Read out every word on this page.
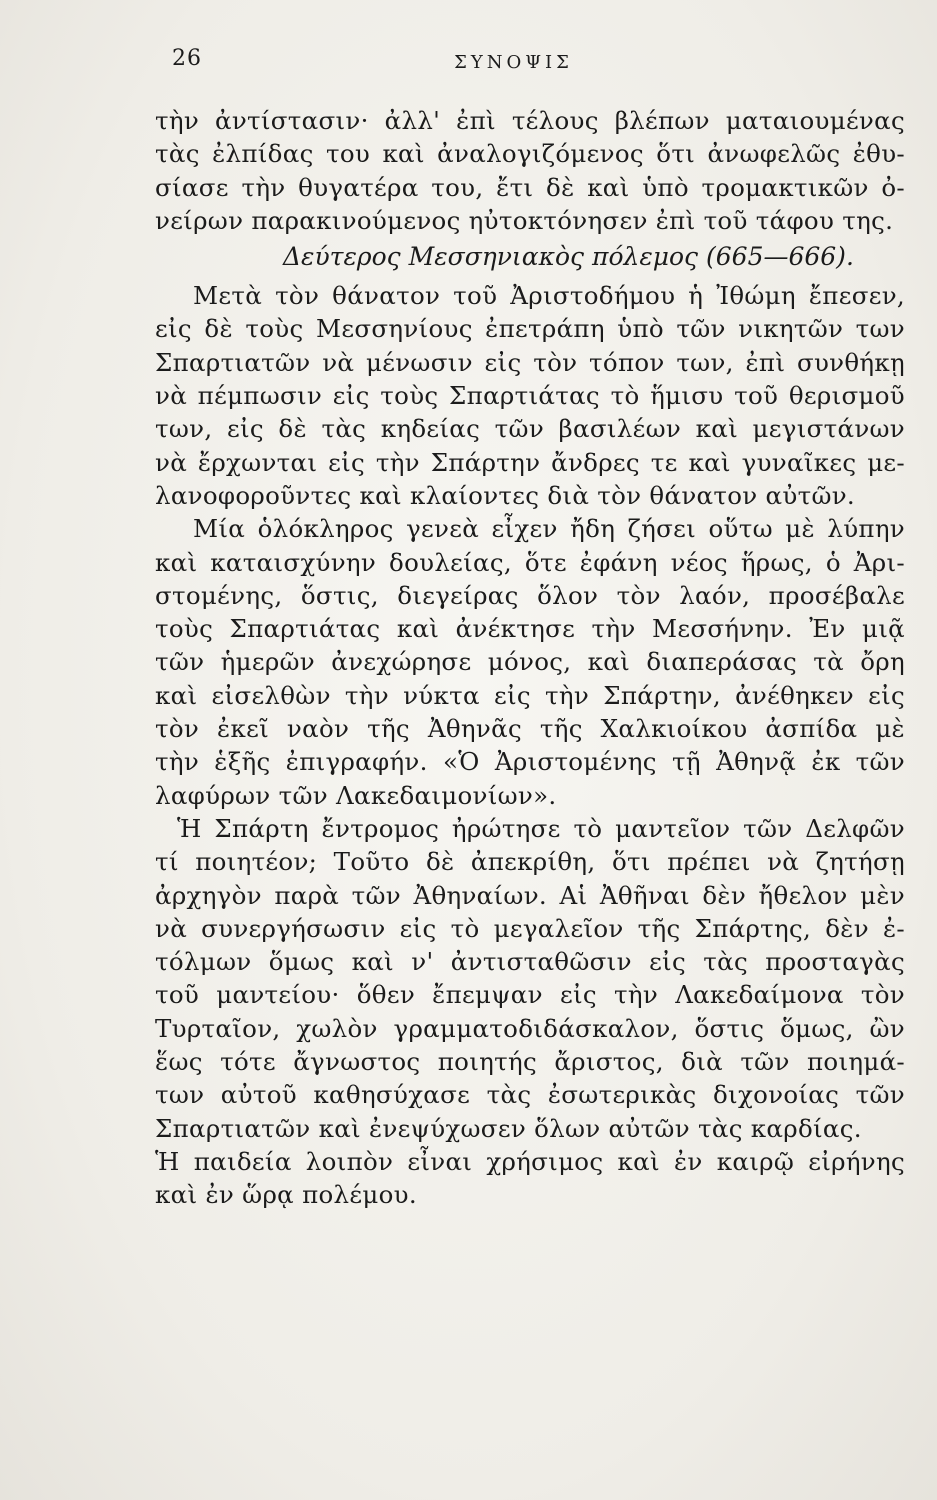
26	ΣΥΝΟΨΙΣ
τὴν ἀντίστασιν· ἀλλ' ἐπὶ τέλους βλέπων ματαιουμένας
τὰς ἐλπίδας του καὶ ἀναλογιζόμενος ὅτι ἀνωφελῶς ἐθυ-
σίασε τὴν θυγατέρα του, ἔτι δὲ καὶ ὑπὸ τρομακτικῶν ὀ-
νείρων παρακινούμενος ηὐτοκτόνησεν ἐπὶ τοῦ τάφου της.
Δεύτερος Μεσσηνιακὸς πόλεμος (665—666).
Μετὰ τὸν θάνατον τοῦ Ἀριστοδήμου ἡ Ἰθώμη ἔπεσεν,
εἰς δὲ τοὺς Μεσσηνίους ἐπετράπη ὑπὸ τῶν νικητῶν των
Σπαρτιατῶν νὰ μένωσιν εἰς τὸν τόπον των, ἐπὶ συνθήκῃ
νὰ πέμπωσιν εἰς τοὺς Σπαρτιάτας τὸ ἥμισυ τοῦ θερισμοῦ
των, εἰς δὲ τὰς κηδείας τῶν βασιλέων καὶ μεγιστάνων
νὰ ἔρχωνται εἰς τὴν Σπάρτην ἄνδρες τε καὶ γυναῖκες με-
λανοφοροῦντες καὶ κλαίοντες διὰ τὸν θάνατον αὐτῶν.
Μία ὁλόκληρος γενεὰ εἶχεν ἤδη ζήσει οὕτω μὲ λύπην
καὶ καταισχύνην δουλείας, ὅτε ἐφάνη νέος ἥρως, ὁ Ἀρι-
στομένης, ὅστις, διεγείρας ὅλον τὸν λαόν, προσέβαλε
τοὺς Σπαρτιάτας καὶ ἀνέκτησε τὴν Μεσσήνην. Ἐν μιᾷ
τῶν ἡμερῶν ἀνεχώρησε μόνος, καὶ διαπεράσας τὰ ὄρη
καὶ εἰσελθὼν τὴν νύκτα εἰς τὴν Σπάρτην, ἀνέθηκεν εἰς
τὸν ἐκεῖ ναὸν τῆς Ἀθηνᾶς τῆς Χαλκιοίκου ἀσπίδα μὲ
τὴν ἑξῆς ἐπιγραφήν. «Ὁ Ἀριστομένης τῇ Ἀθηνᾷ ἐκ τῶν
λαφύρων τῶν Λακεδαιμονίων».
Ἡ Σπάρτη ἔντρομος ἠρώτησε τὸ μαντεῖον τῶν Δελφῶν
τί ποιητέον; Τοῦτο δὲ ἀπεκρίθη, ὅτι πρέπει νὰ ζητήσῃ
ἀρχηγὸν παρὰ τῶν Ἀθηναίων. Αἱ Ἀθῆναι δὲν ἤθελον μὲν
νὰ συνεργήσωσιν εἰς τὸ μεγαλεῖον τῆς Σπάρτης, δὲν ἐ-
τόλμων ὅμως καὶ ν' ἀντισταθῶσιν εἰς τὰς προσταγὰς
τοῦ μαντείου· ὅθεν ἔπεμψαν εἰς τὴν Λακεδαίμονα τὸν
Τυρταῖον, χωλὸν γραμματοδιδάσκαλον, ὅστις ὅμως, ὢν
ἕως τότε ἄγνωστος ποιητής ἄριστος, διὰ τῶν ποιημά-
των αὐτοῦ καθησύχασε τὰς ἐσωτερικὰς διχονοίας τῶν
Σπαρτιατῶν καὶ ἐνεψύχωσεν ὅλων αὐτῶν τὰς καρδίας.
Ἡ παιδεία λοιπὸν εἶναι χρήσιμος καὶ ἐν καιρῷ εἰρήνης
καὶ ἐν ὥρᾳ πολέμου.
